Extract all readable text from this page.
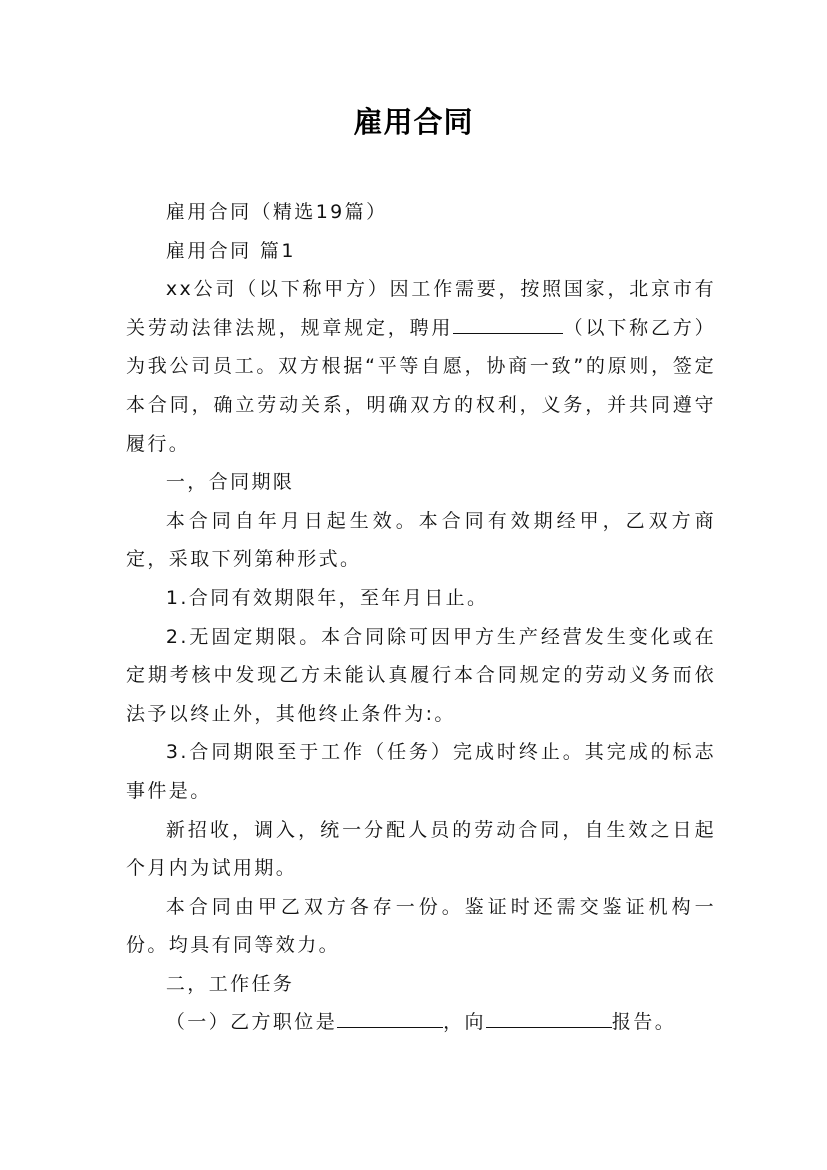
雇用合同

雇用合同（精选19篇）

雇用合同 篇1

xx公司（以下称甲方）因工作需要，按照国家，北京市有关劳动法律法规，规章规定，聘用	（以下称乙方）为我公司员工。双方根据“平等自愿，协商一致”的原则，签定本合同，确立劳动关系，明确双方的权利，义务，并共同遵守履行。

一，合同期限

本合同自年月日起生效。本合同有效期经甲，乙双方商定，采取下列第种形式。

1.合同有效期限年，至年月日止。

2.无固定期限。本合同除可因甲方生产经营发生变化或在定期考核中发现乙方未能认真履行本合同规定的劳动义务而依法予以终止外，其他终止条件为:。

3.合同期限至于工作（任务）完成时终止。其完成的标志事件是。

新招收，调入，统一分配人员的劳动合同，自生效之日起个月内为试用期。

本合同由甲乙双方各存一份。鉴证时还需交鉴证机构一份。均具有同等效力。

二，工作任务

（一）乙方职位是	，向	报告。
